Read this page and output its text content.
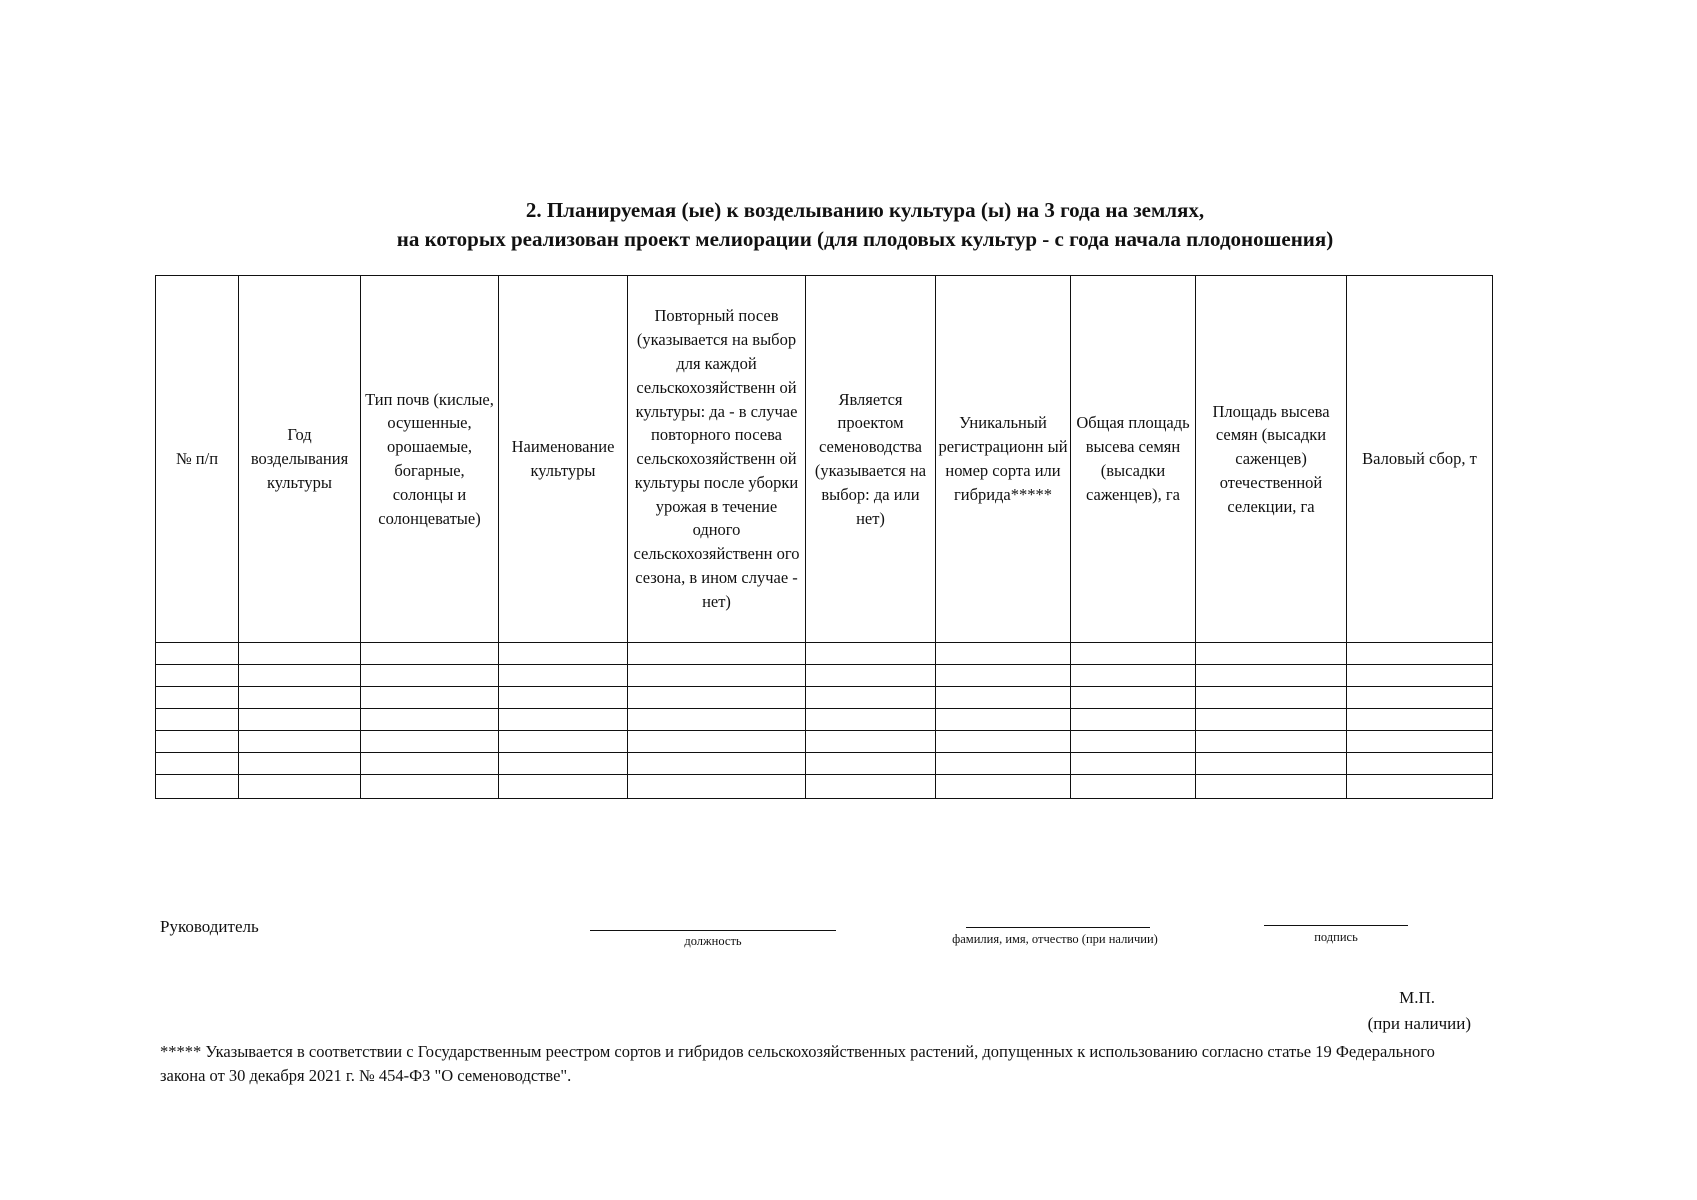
2. Планируемая (ые) к возделыванию культура (ы) на 3 года на землях,
на которых реализован проект мелиорации (для плодовых культур - с года начала плодоношения)
№ п/п	Год возделывания культуры	Тип почв (кислые, осушенные, орошаемые, богарные, солонцы и солонцеватые)	Наименование культуры	Повторный посев (указывается на выбор для каждой сельскохозяйственн ой культуры: да - в случае повторного посева сельскохозяйственн ой культуры после уборки урожая в течение одного сельскохозяйственн ого сезона, в ином случае - нет)	Является проектом семеноводства (указывается на выбор: да или нет)	Уникальный регистрационн ый номер сорта или гибрида*****	Общая площадь высева семян (высадки саженцев), га	Площадь высева семян (высадки саженцев) отечественной селекции, га	Валовый сбор, т

Руководитель
должность	фамилия, имя, отчество (при наличии)	подпись
М.П.
(при наличии)
***** Указывается в соответствии с Государственным реестром сортов и гибридов сельскохозяйственных растений, допущенных к использованию согласно статье 19 Федерального закона от 30 декабря 2021 г. № 454-ФЗ "О семеноводстве".
